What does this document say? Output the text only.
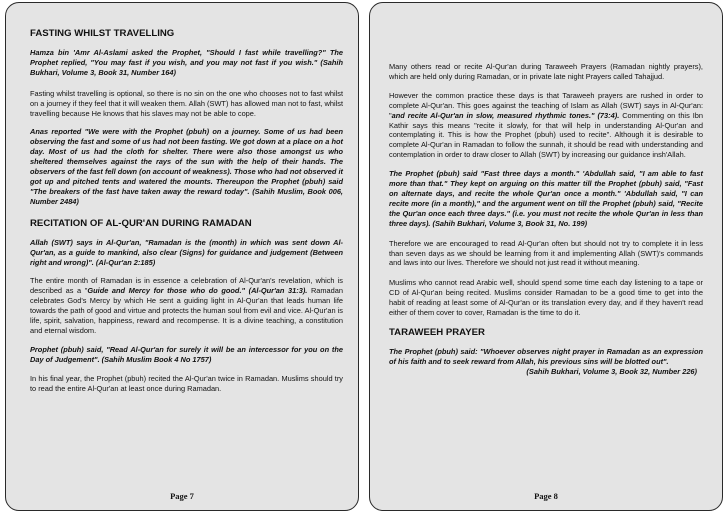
FASTING WHILST TRAVELLING

Hamza bin 'Amr Al-Aslami asked the Prophet, "Should I fast while travelling?" The Prophet replied, "You may fast if you wish, and you may not fast if you wish." (Sahih Bukhari, Volume 3, Book 31, Number 164)

Fasting whilst travelling is optional, so there is no sin on the one who chooses not to fast whilst on a journey if they feel that it will weaken them. Allah (SWT) has allowed man not to fast, whilst travelling because He knows that his slaves may not be able to cope.

Anas reported "We were with the Prophet (pbuh) on a journey. Some of us had been observing the fast and some of us had not been fasting. We got down at a place on a hot day. Most of us had the cloth for shelter. There were also those amongst us who sheltered themselves against the rays of the sun with the help of their hands. The observers of the fast fell down (on account of weakness). Those who had not observed it got up and pitched tents and watered the mounts. Thereupon the Prophet (pbuh) said "The breakers of the fast have taken away the reward today". (Sahih Muslim, Book 006, Number 2484)

RECITATION OF AL-QUR'AN DURING RAMADAN

Allah (SWT) says in Al-Qur'an, "Ramadan is the (month) in which was sent down Al-Qur'an, as a guide to mankind, also clear (Signs) for guidance and judgement (Between right and wrong)". (Al-Qur'an 2:185)

The entire month of Ramadan is in essence a celebration of Al-Qur'an's revelation, which is described as a "Guide and Mercy for those who do good." (Al-Qur'an 31:3). Ramadan celebrates God's Mercy by which He sent a guiding light in Al-Qur'an that leads human life towards the path of good and virtue and protects the human soul from evil and vice. Al-Qur'an is life, spirit, salvation, happiness, reward and recompense. It is a divine teaching, a constitution and eternal wisdom.

Prophet (pbuh) said, "Read Al-Qur'an for surely it will be an intercessor for you on the Day of Judgement". (Sahih Muslim Book 4 No 1757)

In his final year, the Prophet (pbuh) recited the Al-Qur'an twice in Ramadan. Muslims should try to read the entire Al-Qur'an at least once during Ramadan.

Page 7

Many others read or recite Al-Qur'an during Taraweeh Prayers (Ramadan nightly prayers), which are held only during Ramadan, or in private late night Prayers called Tahajjud.

However the common practice these days is that Taraweeh prayers are rushed in order to complete Al-Qur'an. This goes against the teaching of Islam as Allah (SWT) says in Al-Qur'an: "and recite Al-Qur'an in slow, measured rhythmic tones." (73:4). Commenting on this Ibn Kathir says this means "recite it slowly, for that will help in understanding Al-Qur'an and contemplating it. This is how the Prophet (pbuh) used to recite". Although it is desirable to complete Al-Qur'an in Ramadan to follow the sunnah, it should be read with understanding and contemplation in order to draw closer to Allah (SWT) by increasing our guidance insh'Allah.

The Prophet (pbuh) said "Fast three days a month." 'Abdullah said, "I am able to fast more than that." They kept on arguing on this matter till the Prophet (pbuh) said, "Fast on alternate days, and recite the whole Qur'an once a month." 'Abdullah said, "I can recite more (in a month)," and the argument went on till the Prophet (pbuh) said, "Recite the Qur'an once each three days." (i.e. you must not recite the whole Qur'an in less than three days). (Sahih Bukhari, Volume 3, Book 31, No. 199)

Therefore we are encouraged to read Al-Qur'an often but should not try to complete it in less than seven days as we should be learning from it and implementing Allah (SWT)'s commands and laws into our lives. Therefore we should not just read it without meaning.

Muslims who cannot read Arabic well, should spend some time each day listening to a tape or CD of Al-Qur'an being recited. Muslims consider Ramadan to be a good time to get into the habit of reading at least some of Al-Qur'an or its translation every day, and if they haven't read either of them cover to cover, Ramadan is the time to do it.

TARAWEEH PRAYER

The Prophet (pbuh) said: "Whoever observes night prayer in Ramadan as an expression of his faith and to seek reward from Allah, his previous sins will be blotted out".

(Sahih Bukhari, Volume 3, Book 32, Number 226)

Page 8
